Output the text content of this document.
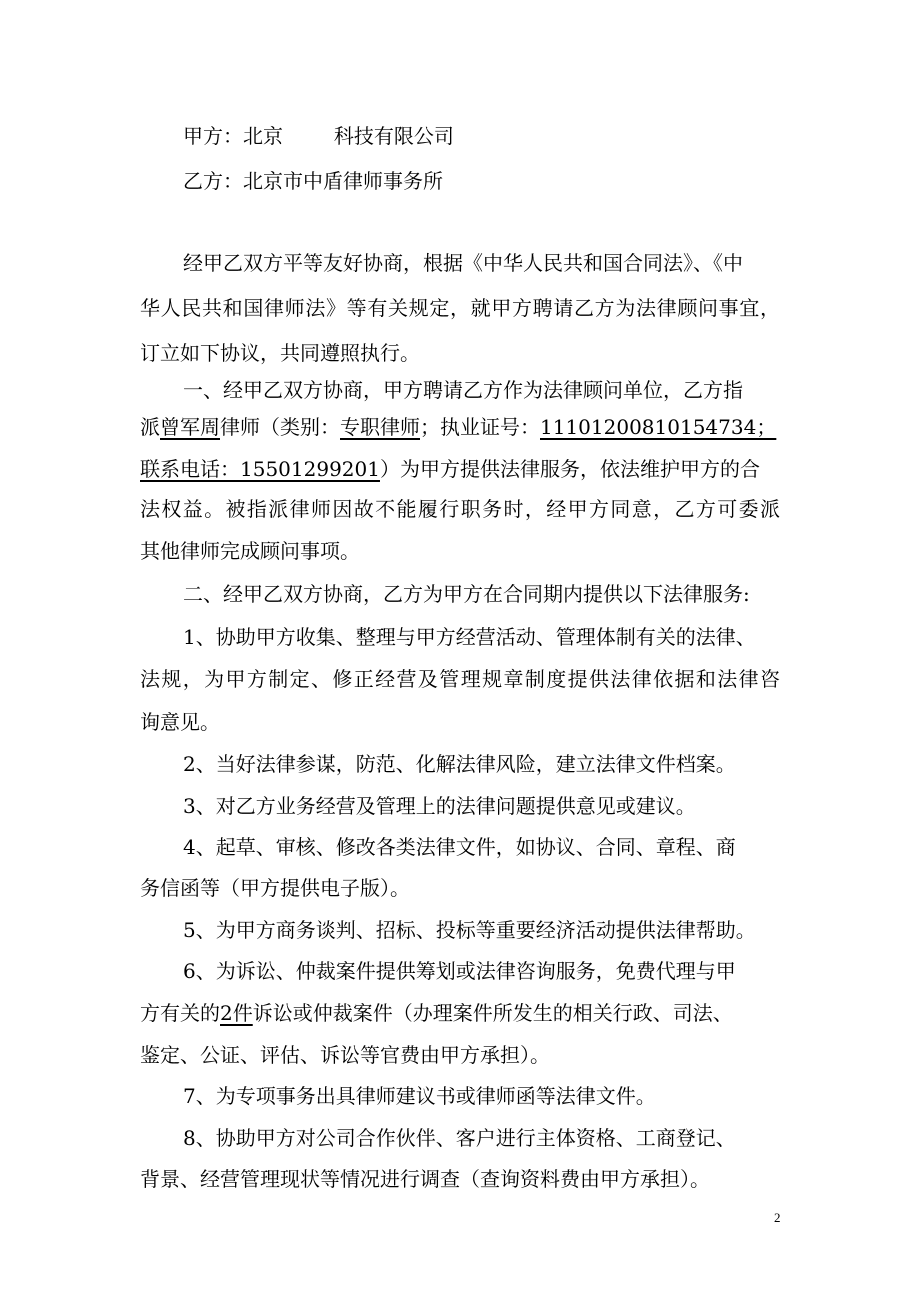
甲方：北京        科技有限公司
乙方：北京市中盾律师事务所
经甲乙双方平等友好协商，根据《中华人民共和国合同法》、《中
华人民共和国律师法》等有关规定，就甲方聘请乙方为法律顾问事宜，
订立如下协议，共同遵照执行。
一、经甲乙双方协商，甲方聘请乙方作为法律顾问单位，乙方指
派曾军周律师（类别：专职律师；执业证号：11101200810154734；
联系电话：15501299201）为甲方提供法律服务，依法维护甲方的合
法权益。被指派律师因故不能履行职务时，经甲方同意，乙方可委派
其他律师完成顾问事项。
二、经甲乙双方协商，乙方为甲方在合同期内提供以下法律服务:
1、协助甲方收集、整理与甲方经营活动、管理体制有关的法律、
法规，为甲方制定、修正经营及管理规章制度提供法律依据和法律咨
询意见。
2、当好法律参谋，防范、化解法律风险，建立法律文件档案。
3、对乙方业务经营及管理上的法律问题提供意见或建议。
4、起草、审核、修改各类法律文件，如协议、合同、章程、商
务信函等（甲方提供电子版）。
5、为甲方商务谈判、招标、投标等重要经济活动提供法律帮助。
6、为诉讼、仲裁案件提供筹划或法律咨询服务，免费代理与甲
方有关的2件诉讼或仲裁案件（办理案件所发生的相关行政、司法、
鉴定、公证、评估、诉讼等官费由甲方承担）。
7、为专项事务出具律师建议书或律师函等法律文件。
8、协助甲方对公司合作伙伴、客户进行主体资格、工商登记、
背景、经营管理现状等情况进行调查（查询资料费由甲方承担）。
2
